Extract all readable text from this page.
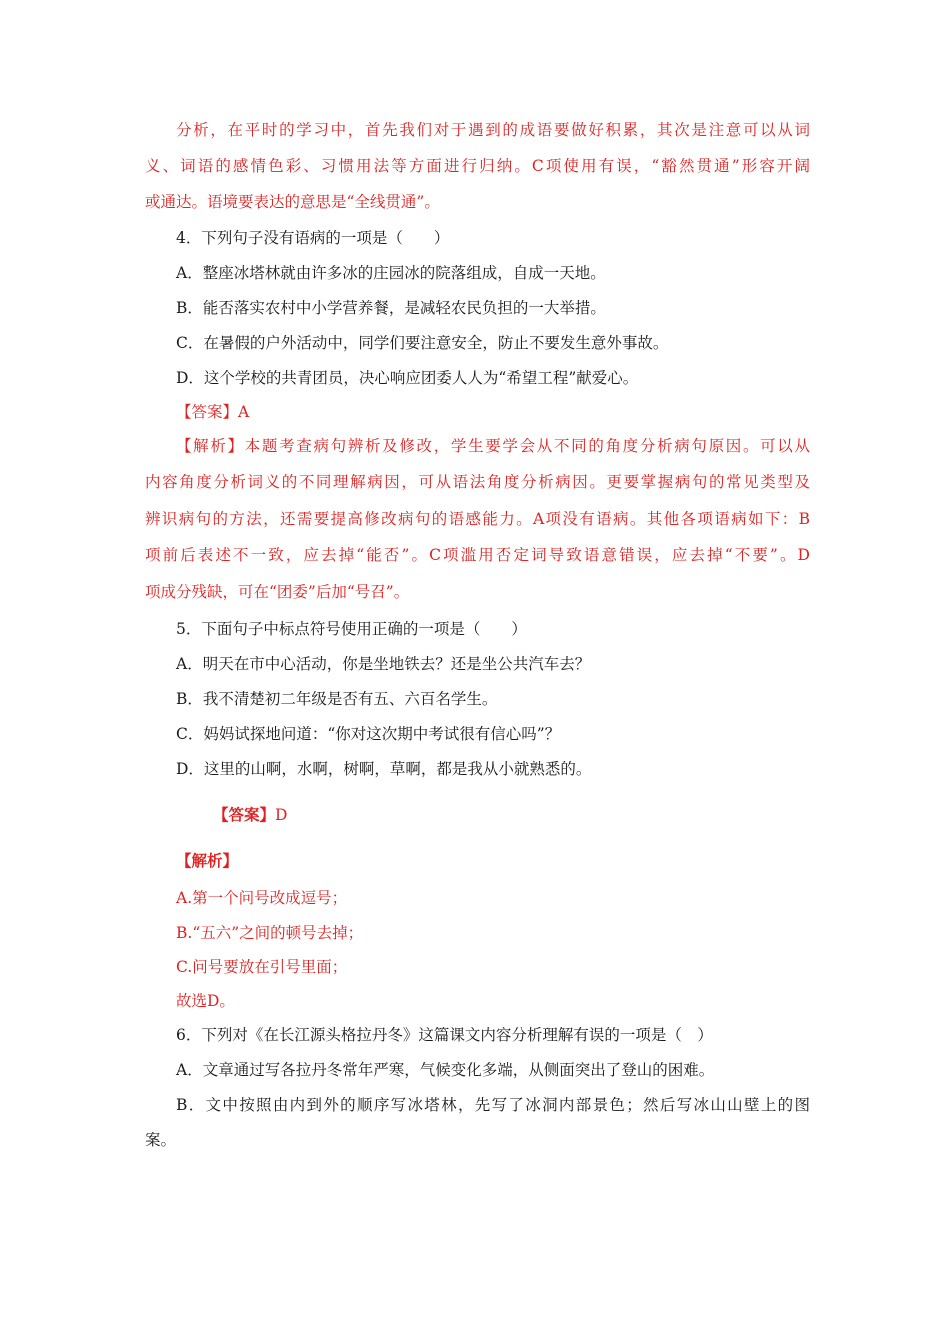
分析，在平时的学习中，首先我们对于遇到的成语要做好积累，其次是注意可以从词
义、词语的感情色彩、习惯用法等方面进行归纳。C项使用有误，“豁然贯通”形容开阔
或通达。语境要表达的意思是“全线贯通”。
4．下列句子没有语病的一项是（　　）
A．整座冰塔林就由许多冰的庄园冰的院落组成，自成一天地。
B．能否落实农村中小学营养餐，是减轻农民负担的一大举措。
C．在暑假的户外活动中，同学们要注意安全，防止不要发生意外事故。
D．这个学校的共青团员，决心响应团委人人为“希望工程”献爱心。
【答案】A
【解析】本题考查病句辨析及修改，学生要学会从不同的角度分析病句原因。可以从
内容角度分析词义的不同理解病因，可从语法角度分析病因。更要掌握病句的常见类型及
辨识病句的方法，还需要提高修改病句的语感能力。A项没有语病。其他各项语病如下：B
项前后表述不一致，应去掉“能否”。C项滥用否定词导致语意错误，应去掉“不要”。D
项成分残缺，可在“团委”后加“号召”。
5．下面句子中标点符号使用正确的一项是（　　）
A．明天在市中心活动，你是坐地铁去？还是坐公共汽车去？
B．我不清楚初二年级是否有五、六百名学生。
C．妈妈试探地问道：“你对这次期中考试很有信心吗”？
D．这里的山啊，水啊，树啊，草啊，都是我从小就熟悉的。
【答案】D
【解析】
A.第一个问号改成逗号；
B.“五六”之间的顿号去掉；
C.问号要放在引号里面；
故选D。
6．下列对《在长江源头格拉丹冬》这篇课文内容分析理解有误的一项是（　）
A．文章通过写各拉丹冬常年严寒，气候变化多端，从侧面突出了登山的困难。
B．文中按照由内到外的顺序写冰塔林，先写了冰洞内部景色；然后写冰山山壁上的图
案。
